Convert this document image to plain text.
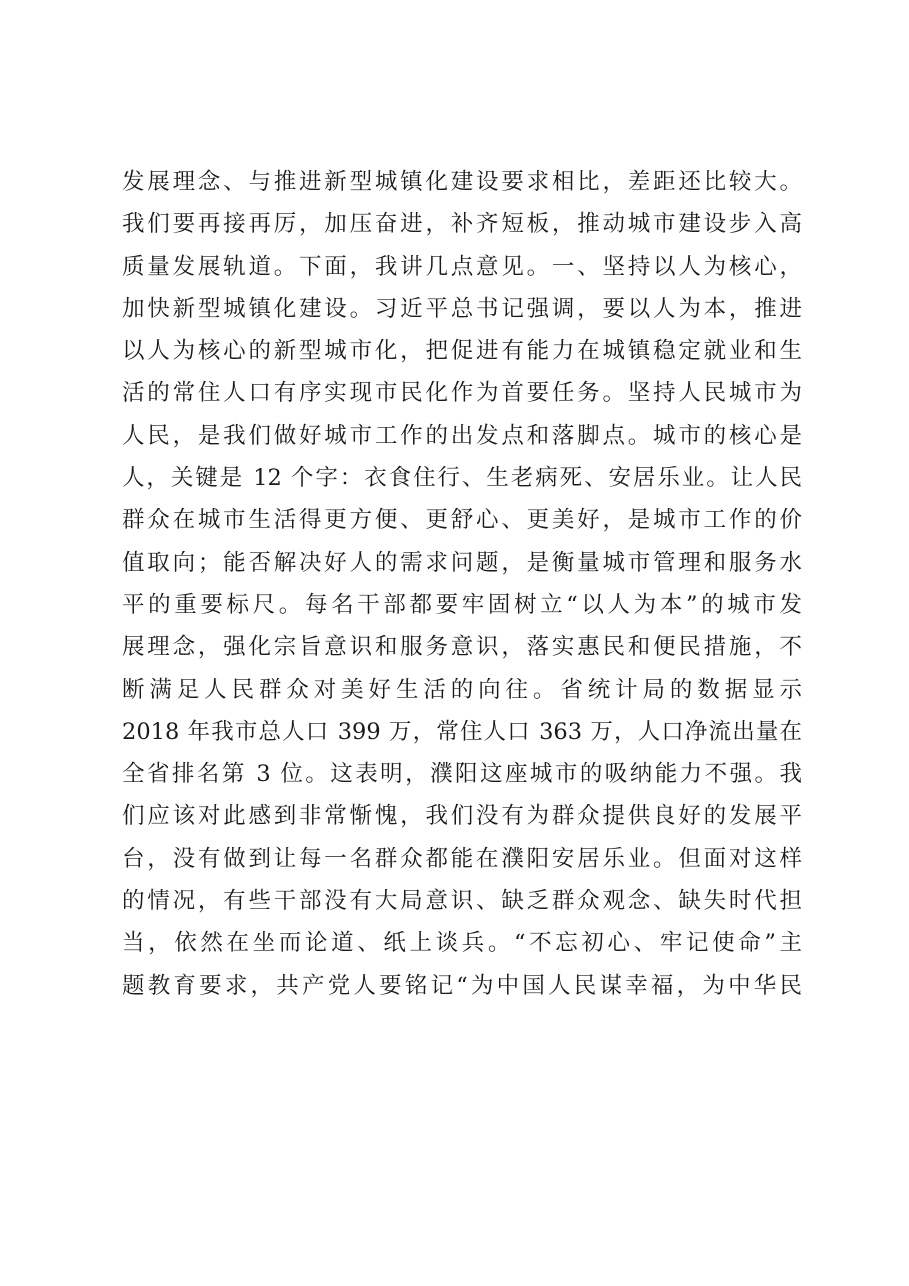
发展理念、与推进新型城镇化建设要求相比，差距还比较大。
我们要再接再厉，加压奋进，补齐短板，推动城市建设步入高
质量发展轨道。下面，我讲几点意见。一、坚持以人为核心，
加快新型城镇化建设。习近平总书记强调，要以人为本，推进
以人为核心的新型城市化，把促进有能力在城镇稳定就业和生
活的常住人口有序实现市民化作为首要任务。坚持人民城市为
人民，是我们做好城市工作的出发点和落脚点。城市的核心是
人，关键是 12 个字：衣食住行、生老病死、安居乐业。让人民
群众在城市生活得更方便、更舒心、更美好，是城市工作的价
值取向；能否解决好人的需求问题，是衡量城市管理和服务水
平的重要标尺。每名干部都要牢固树立“以人为本”的城市发
展理念，强化宗旨意识和服务意识，落实惠民和便民措施，不
断满足人民群众对美好生活的向往。省统计局的数据显示
2018 年我市总人口 399 万，常住人口 363 万，人口净流出量在
全省排名第 3 位。这表明，濮阳这座城市的吸纳能力不强。我
们应该对此感到非常惭愧，我们没有为群众提供良好的发展平
台，没有做到让每一名群众都能在濮阳安居乐业。但面对这样
的情况，有些干部没有大局意识、缺乏群众观念、缺失时代担
当，依然在坐而论道、纸上谈兵。“不忘初心、牢记使命”主
题教育要求，共产党人要铭记“为中国人民谋幸福，为中华民
